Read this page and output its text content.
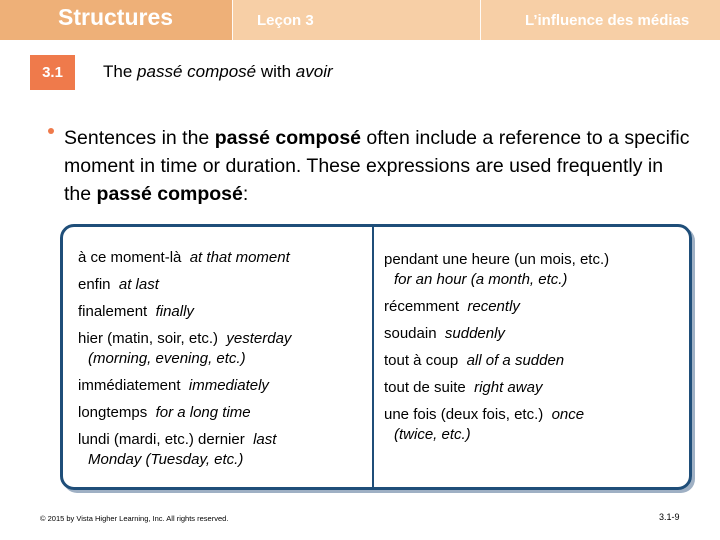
Structures	Leçon 3	L’influence des médias
3.1 The passé composé with avoir
Sentences in the passé composé often include a reference to a specific moment in time or duration. These expressions are used frequently in the passé composé:
à ce moment-là at that moment
enfin at last
finalement finally
hier (matin, soir, etc.) yesterday
(morning, evening, etc.)
immédiatement immediately
longtemps for a long time
lundi (mardi, etc.) dernier last
Monday (Tuesday, etc.)
pendant une heure (un mois, etc.)
for an hour (a month, etc.)
récemment recently
soudain suddenly
tout à coup all of a sudden
tout de suite right away
une fois (deux fois, etc.) once
(twice, etc.)
© 2015 by Vista Higher Learning, Inc. All rights reserved.	3.1-9
